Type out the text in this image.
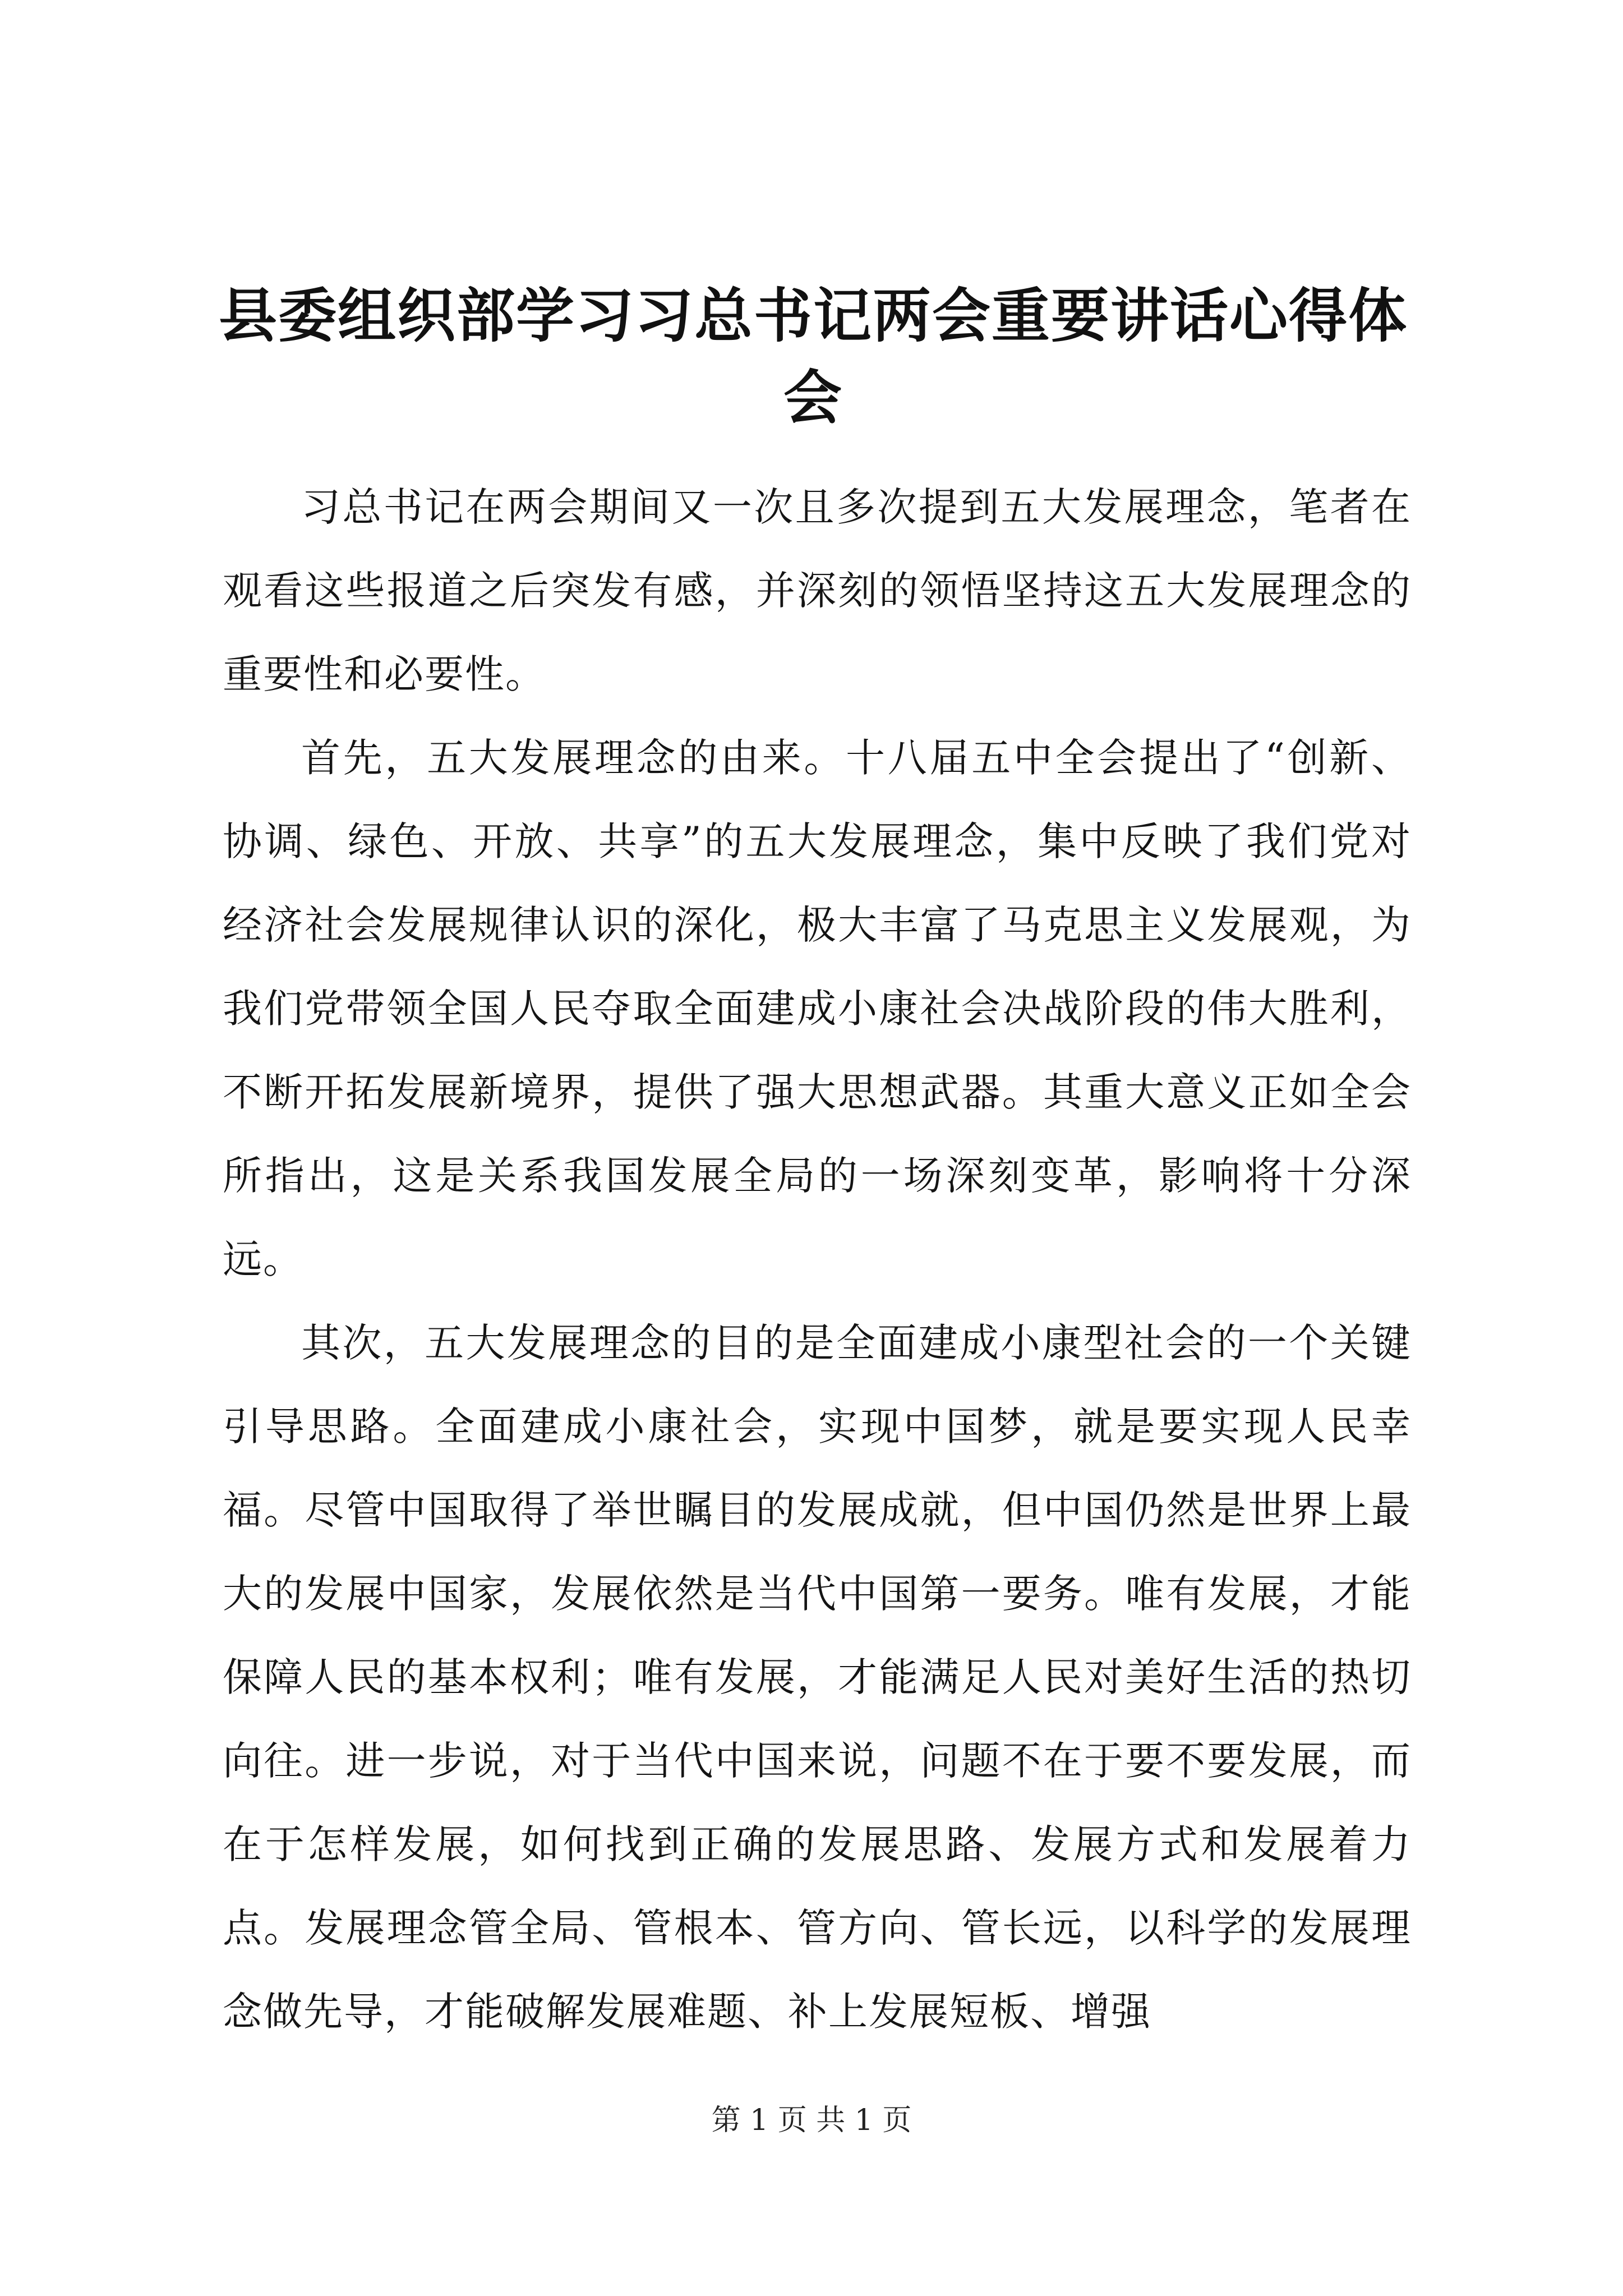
县委组织部学习习总书记两会重要讲话心得体会

习总书记在两会期间又一次且多次提到五大发展理念，笔者在观看这些报道之后突发有感，并深刻的领悟坚持这五大发展理念的重要性和必要性。

首先，五大发展理念的由来。十八届五中全会提出了“创新、协调、绿色、开放、共享”的五大发展理念，集中反映了我们党对经济社会发展规律认识的深化，极大丰富了马克思主义发展观，为我们党带领全国人民夺取全面建成小康社会决战阶段的伟大胜利，不断开拓发展新境界，提供了强大思想武器。其重大意义正如全会所指出，这是关系我国发展全局的一场深刻变革，影响将十分深远。

其次，五大发展理念的目的是全面建成小康型社会的一个关键引导思路。全面建成小康社会，实现中国梦，就是要实现人民幸福。尽管中国取得了举世瞩目的发展成就，但中国仍然是世界上最大的发展中国家，发展依然是当代中国第一要务。唯有发展，才能保障人民的基本权利；唯有发展，才能满足人民对美好生活的热切向往。进一步说，对于当代中国来说，问题不在于要不要发展，而在于怎样发展，如何找到正确的发展思路、发展方式和发展着力点。发展理念管全局、管根本、管方向、管长远，以科学的发展理念做先导，才能破解发展难题、补上发展短板、增强

第 1 页 共 1 页
